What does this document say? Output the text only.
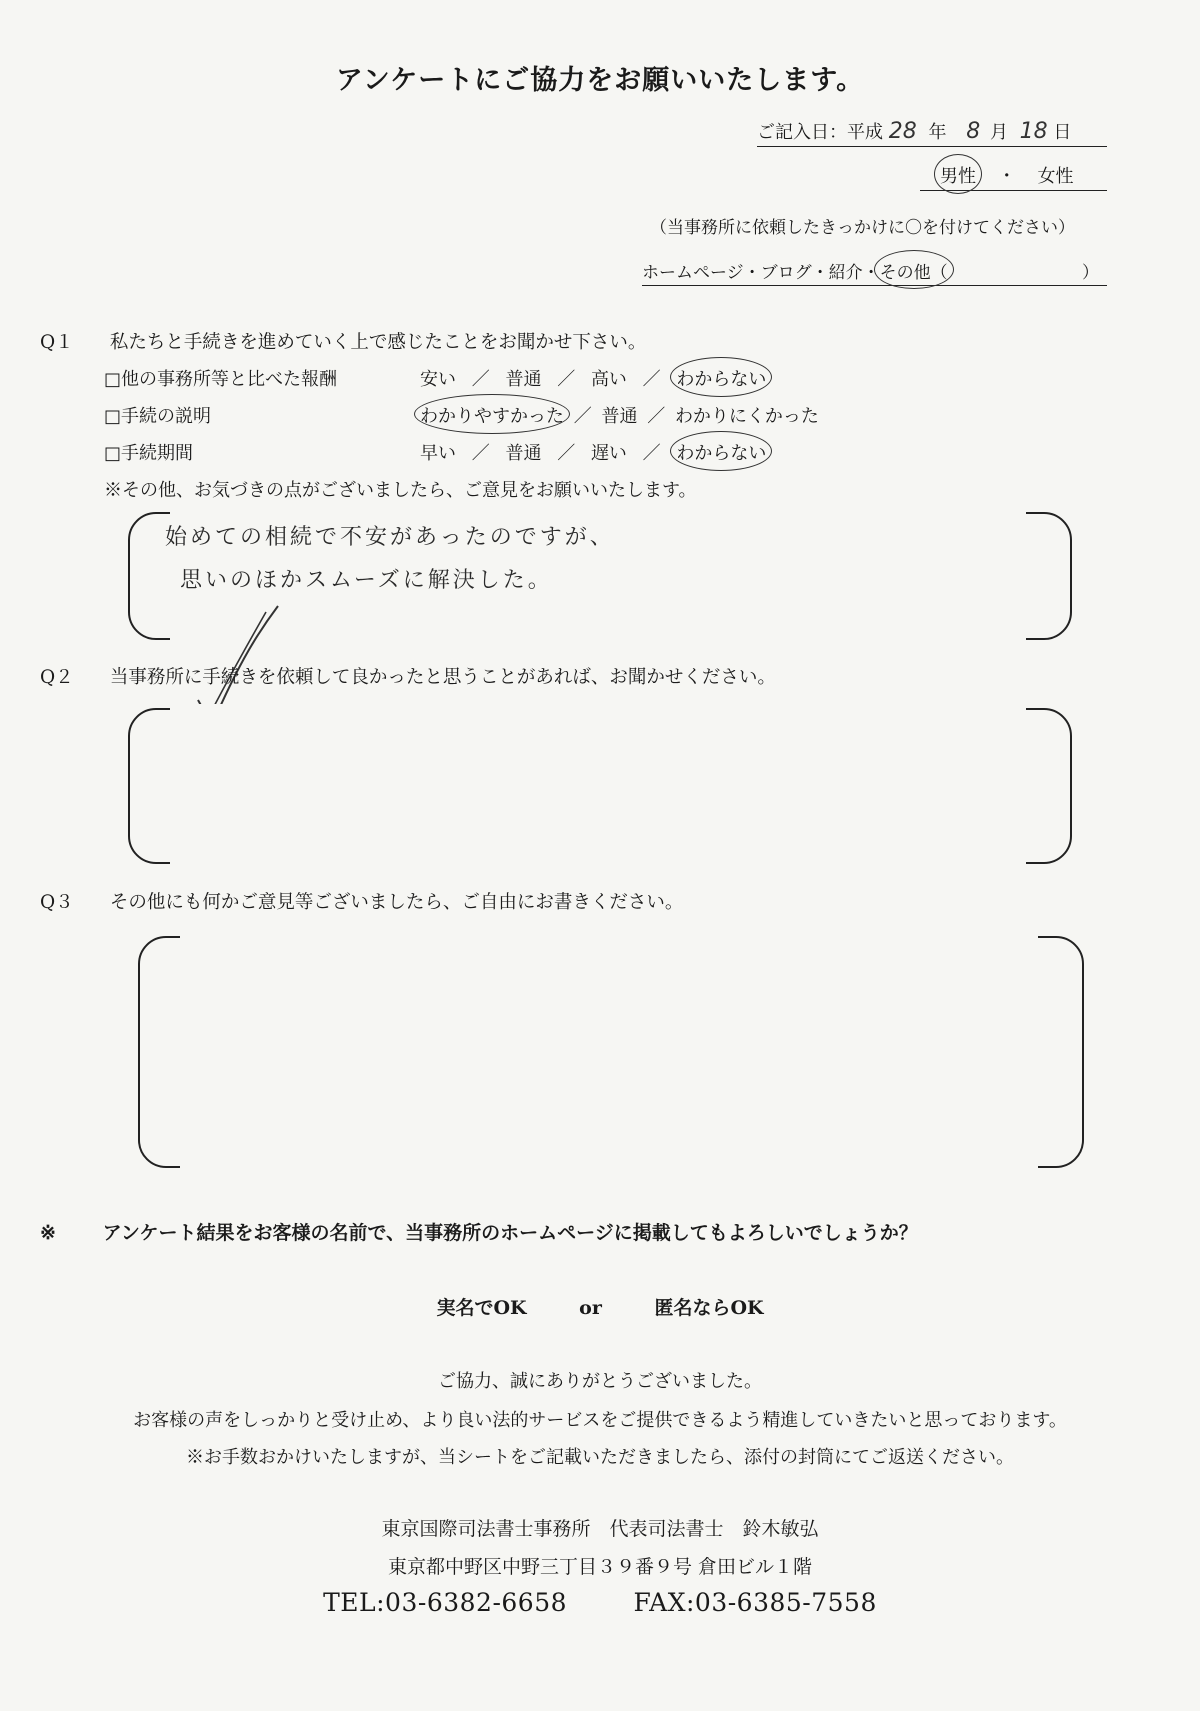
アンケートにご協力をお願いいたします。
ご記入日：平成 28 年 8 月 18 日
男性 ・ 女性
（当事務所に依頼したきっかけに〇を付けてください）
ホームページ・ブログ・紹介・その他（	）
Q１ 私たちと手続きを進めていく上で感じたことをお聞かせ下さい。
□他の事務所等と比べた報酬	安い ／ 普通 ／ 高い ／ わからない
□手続の説明	わかりやすかった ／ 普通 ／ わかりにくかった
□手続期間	早い ／ 普通 ／ 遅い ／ わからない
※その他、お気づきの点がございましたら、ご意見をお願いいたします。
始めての相続で不安があったのですが、
思いのほかスムーズに解決した。
Q２ 当事務所に手続きを依頼して良かったと思うことがあれば、お聞かせください。
Q３ その他にも何かご意見等ございましたら、ご自由にお書きください。
※ アンケート結果をお客様の名前で、当事務所のホームページに掲載してもよろしいでしょうか？
実名でOK	or	匿名ならOK
ご協力、誠にありがとうございました。
お客様の声をしっかりと受け止め、より良い法的サービスをご提供できるよう精進していきたいと思っております。
※お手数おかけいたしますが、当シートをご記載いただきましたら、添付の封筒にてご返送ください。
東京国際司法書士事務所　代表司法書士　鈴木敏弘
東京都中野区中野三丁目３９番９号 倉田ビル１階
TEL:03-6382-6658	FAX:03-6385-7558
